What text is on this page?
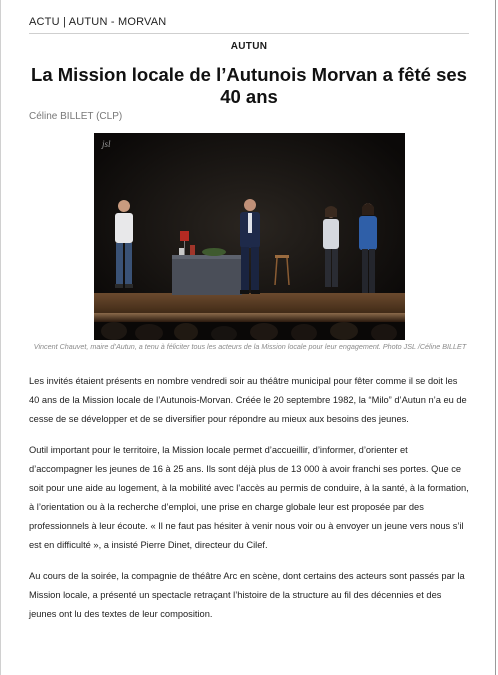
ACTU | AUTUN - MORVAN
AUTUN
La Mission locale de l’Autunois Morvan a fêté ses 40 ans
Céline BILLET (CLP)
jsl
Vincent Chauvet, maire d’Autun, a tenu à féliciter tous les acteurs de la Mission locale pour leur engagement. Photo JSL /Céline BILLET

Les invités étaient présents en nombre vendredi soir au théâtre municipal pour fêter comme il se doit les 40 ans de la Mission locale de l’Autunois-Morvan. Créée le 20 septembre 1982, la “Milo” d’Autun n’a eu de cesse de se développer et de se diversifier pour répondre au mieux aux besoins des jeunes.

Outil important pour le territoire, la Mission locale permet d’accueillir, d’informer, d’orienter et d’accompagner les jeunes de 16 à 25 ans. Ils sont déjà plus de 13 000 à avoir franchi ses portes. Que ce soit pour une aide au logement, à la mobilité avec l’accès au permis de conduire, à la santé, à la formation, à l’orientation ou à la recherche d’emploi, une prise en charge globale leur est proposée par des professionnels à leur écoute. « Il ne faut pas hésiter à venir nous voir ou à envoyer un jeune vers nous s’il est en difficulté », a insisté Pierre Dinet, directeur du Cilef.

Au cours de la soirée, la compagnie de théâtre Arc en scène, dont certains des acteurs sont passés par la Mission locale, a présenté un spectacle retraçant l’histoire de la structure au fil des décennies et des jeunes ont lu des textes de leur composition.
